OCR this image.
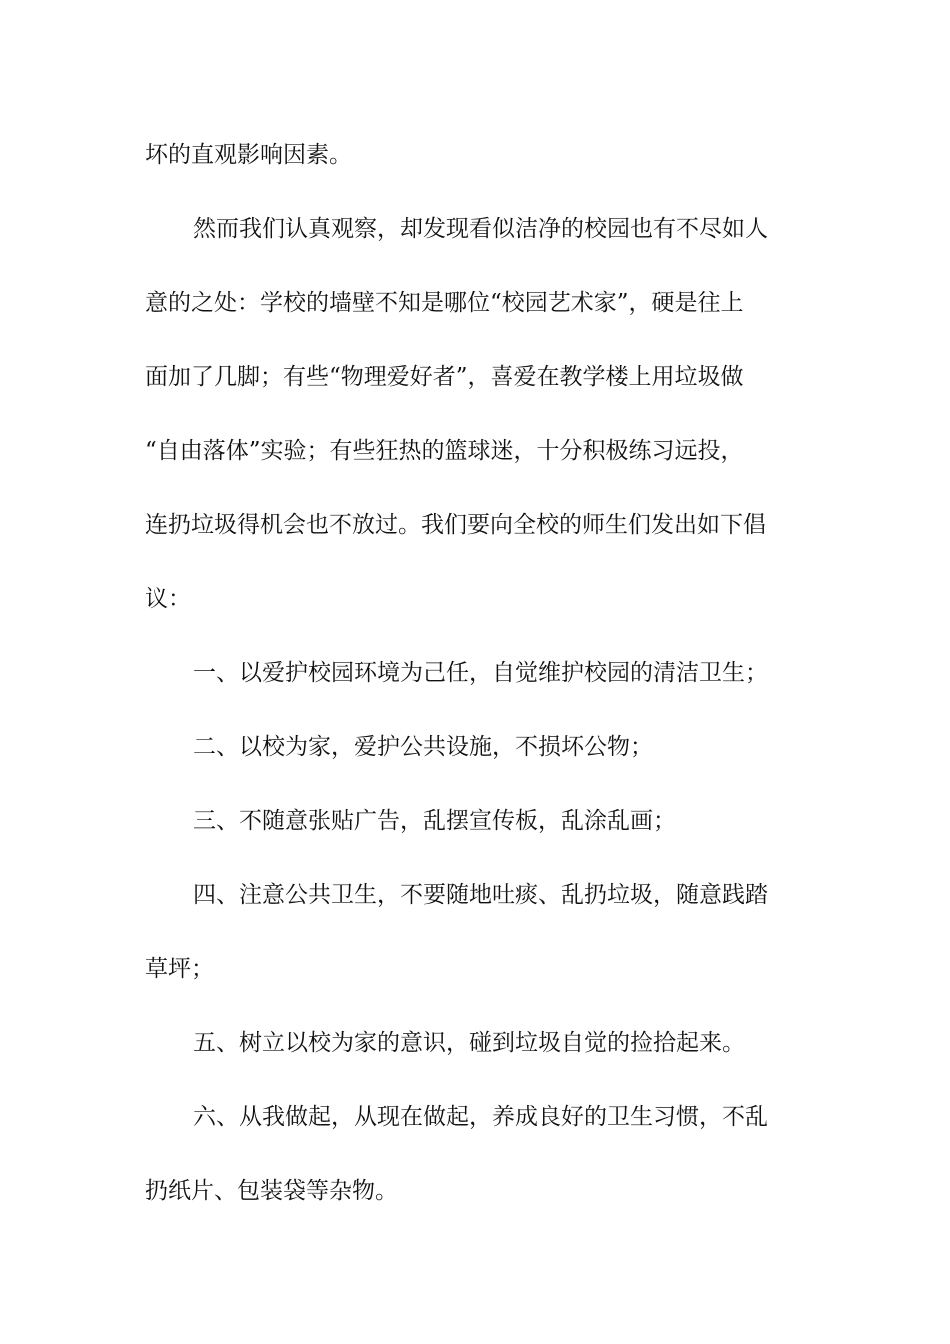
坏的直观影响因素。
然而我们认真观察，却发现看似洁净的校园也有不尽如人
意的之处：学校的墙壁不知是哪位“校园艺术家”，硬是往上
面加了几脚；有些“物理爱好者”，喜爱在教学楼上用垃圾做
“自由落体”实验；有些狂热的篮球迷，十分积极练习远投，
连扔垃圾得机会也不放过。我们要向全校的师生们发出如下倡
议：
一、以爱护校园环境为己任，自觉维护校园的清洁卫生；
二、以校为家，爱护公共设施，不损坏公物；
三、不随意张贴广告，乱摆宣传板，乱涂乱画；
四、注意公共卫生，不要随地吐痰、乱扔垃圾，随意践踏
草坪；
五、树立以校为家的意识，碰到垃圾自觉的捡拾起来。
六、从我做起，从现在做起，养成良好的卫生习惯，不乱
扔纸片、包装袋等杂物。
